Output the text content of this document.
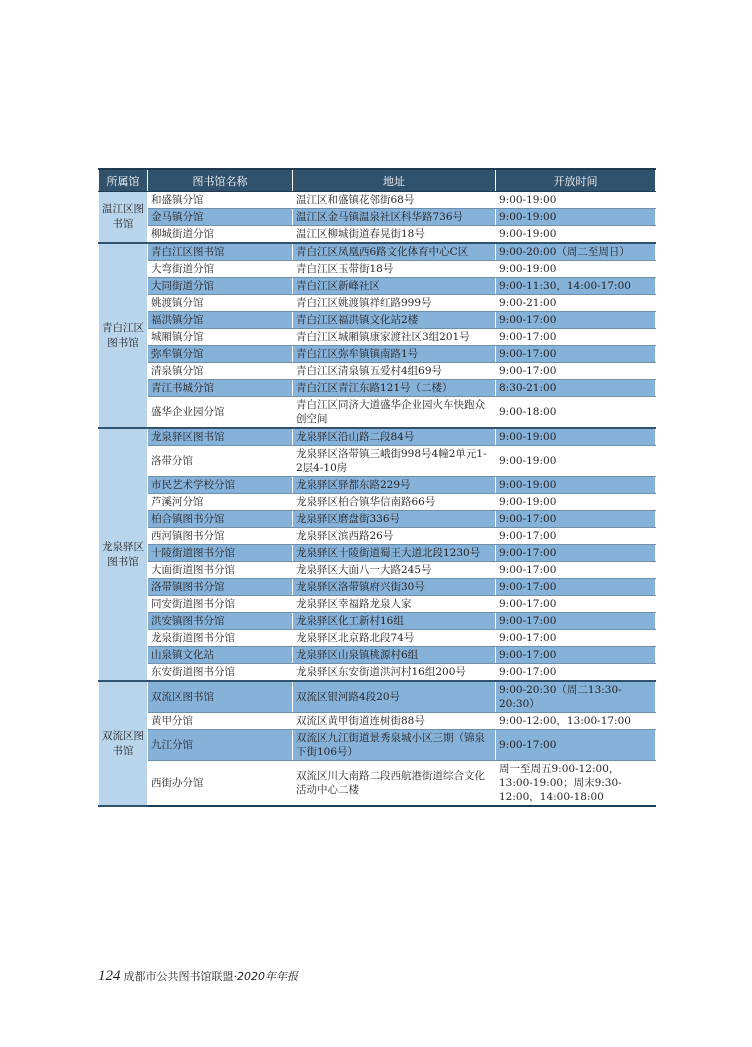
所属馆	图书馆名称	地址	开放时间
温江区图书馆	和盛镇分馆	温江区和盛镇花邻街68号	9:00-19:00
	金马镇分馆	温江区金马镇温泉社区科华路736号	9:00-19:00
	柳城街道分馆	温江区柳城街道春晃街18号	9:00-19:00
青白江区图书馆	青白江区图书馆	青白江区凤凰西6路文化体育中心C区	9:00-20:00（周二至周日）
	大弯街道分馆	青白江区玉带街18号	9:00-19:00
	大同街道分馆	青白江区新峰社区	9:00-11:30，14:00-17:00
	姚渡镇分馆	青白江区姚渡镇祥红路999号	9:00-21:00
	福洪镇分馆	青白江区福洪镇文化站2楼	9:00-17:00
	城厢镇分馆	青白江区城厢镇康家渡社区3组201号	9:00-17:00
	弥牟镇分馆	青白江区弥牟镇镇南路1号	9:00-17:00
	清泉镇分馆	青白江区清泉镇五爱村4组69号	9:00-17:00
	青江书城分馆	青白江区青江东路121号（二楼）	8:30-21:00
	盛华企业园分馆	青白江区同济大道盛华企业园火车快跑众创空间	9:00-18:00
龙泉驿区图书馆	龙泉驿区图书馆	龙泉驿区沿山路二段84号	9:00-19:00
	洛带分馆	龙泉驿区洛带镇三峨街998号4幢2单元1-2层4-10房	9:00-19:00
	市民艺术学校分馆	龙泉驿区驿都东路229号	9:00-19:00
	芦溪河分馆	龙泉驿区柏合镇华信南路66号	9:00-19:00
	柏合镇图书分馆	龙泉驿区磨盘街336号	9:00-17:00
	西河镇图书分馆	龙泉驿区滨西路26号	9:00-17:00
	十陵街道图书分馆	龙泉驿区十陵街道蜀王大道北段1230号	9:00-17:00
	大面街道图书分馆	龙泉驿区大面八一大路245号	9:00-17:00
	洛带镇图书分馆	龙泉驿区洛带镇府兴街30号	9:00-17:00
	同安街道图书分馆	龙泉驿区幸福路龙泉人家	9:00-17:00
	洪安镇图书分馆	龙泉驿区化工新村16组	9:00-17:00
	龙泉街道图书分馆	龙泉驿区北京路北段74号	9:00-17:00
	山泉镇文化站	龙泉驿区山泉镇桃源村6组	9:00-17:00
	东安街道图书分馆	龙泉驿区东安街道洪河村16组200号	9:00-17:00
双流区图书馆	双流区图书馆	双流区银河路4段20号	9:00-20:30（周二13:30-20:30）
	黄甲分馆	双流区黄甲街道连树街88号	9:00-12:00，13:00-17:00
	九江分馆	双流区九江街道景秀泉城小区三期（锦泉下街106号）	9:00-17:00
	西街办分馆	双流区川大南路二段西航港街道综合文化活动中心二楼	周一至周五9:00-12:00，13:00-19:00；周末9:30-12:00，14:00-18:00
124 成都市公共图书馆联盟·2020年年报
